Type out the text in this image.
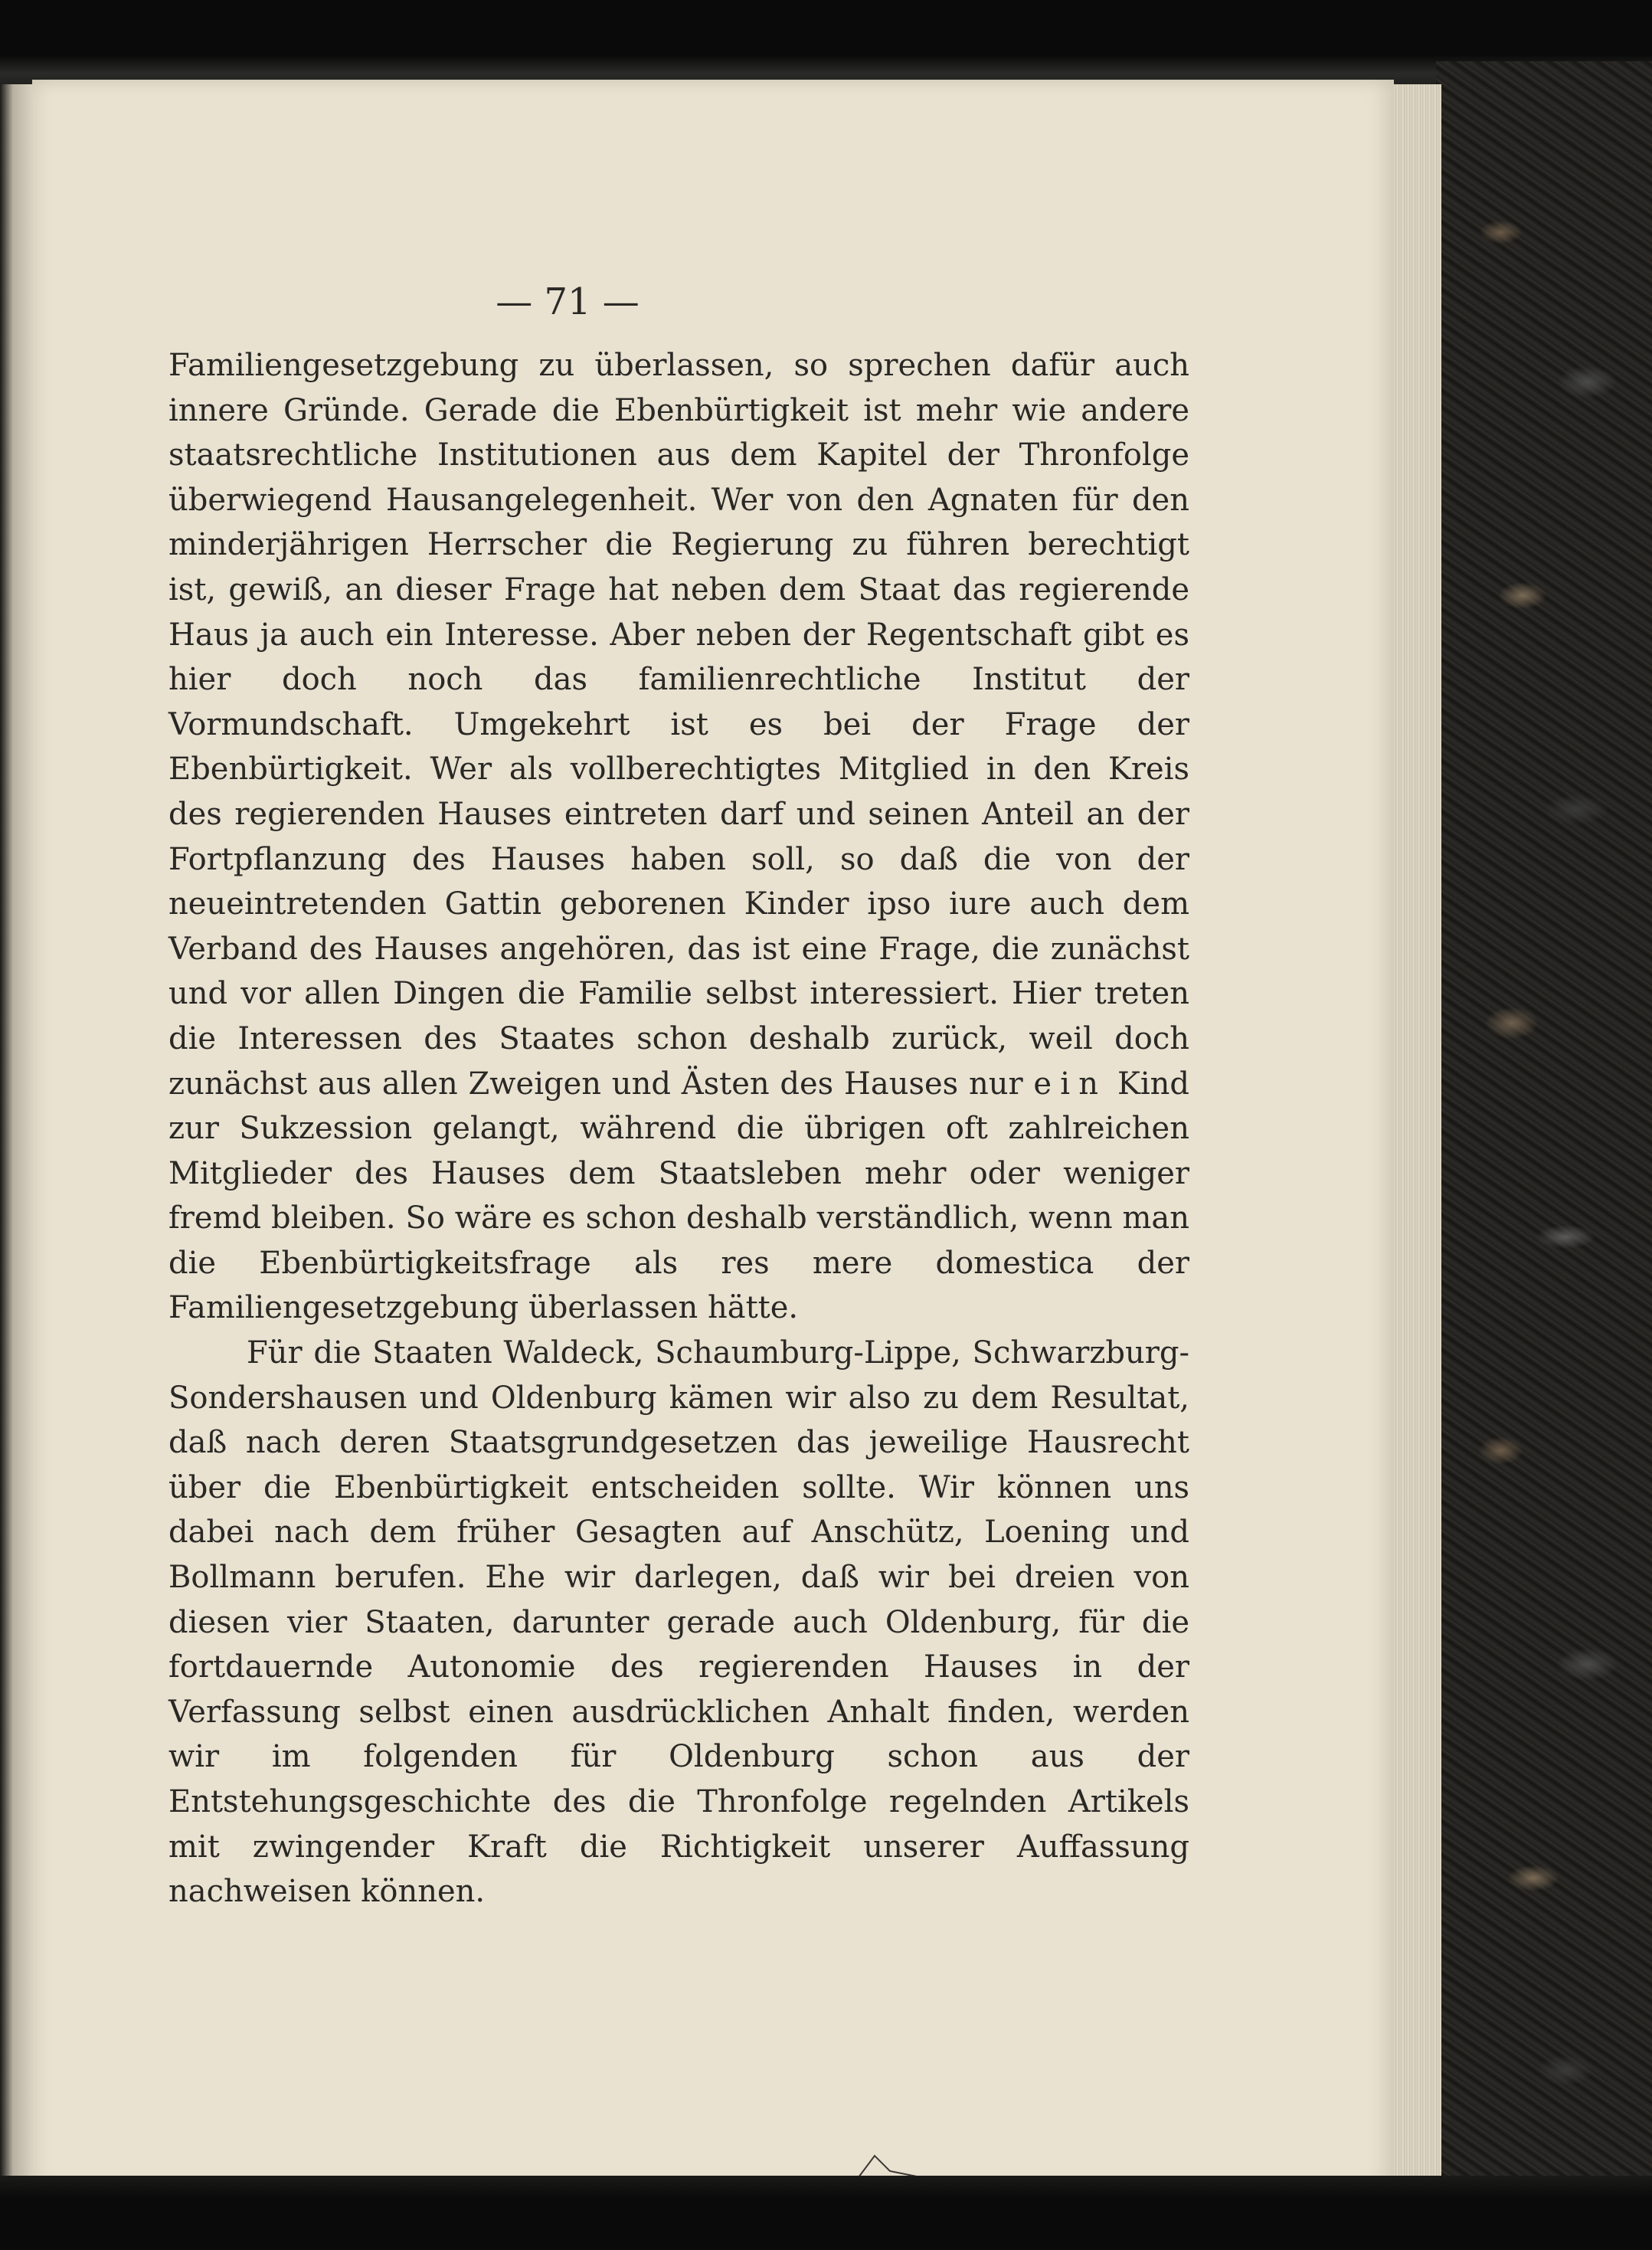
— 71 —

Familiengesetzgebung zu überlassen, so sprechen dafür auch innere Gründe. Gerade die Ebenbürtigkeit ist mehr wie andere staatsrechtliche Institutionen aus dem Kapitel der Thronfolge überwiegend Hausangelegenheit. Wer von den Agnaten für den minderjährigen Herrscher die Regierung zu führen berechtigt ist, gewiß, an dieser Frage hat neben dem Staat das regierende Haus ja auch ein Interesse. Aber neben der Regentschaft gibt es hier doch noch das familienrechtliche Institut der Vormundschaft. Umgekehrt ist es bei der Frage der Ebenbürtigkeit. Wer als vollberechtigtes Mitglied in den Kreis des regierenden Hauses eintreten darf und seinen Anteil an der Fortpflanzung des Hauses haben soll, so daß die von der neueintretenden Gattin geborenen Kinder ipso iure auch dem Verband des Hauses angehören, das ist eine Frage, die zunächst und vor allen Dingen die Familie selbst interessiert. Hier treten die Interessen des Staates schon deshalb zurück, weil doch zunächst aus allen Zweigen und Ästen des Hauses nur ein Kind zur Sukzession gelangt, während die übrigen oft zahlreichen Mitglieder des Hauses dem Staatsleben mehr oder weniger fremd bleiben. So wäre es schon deshalb verständlich, wenn man die Ebenbürtigkeitsfrage als res mere domestica der Familiengesetzgebung überlassen hätte.

Für die Staaten Waldeck, Schaumburg-Lippe, Schwarzburg-Sondershausen und Oldenburg kämen wir also zu dem Resultat, daß nach deren Staatsgrundgesetzen das jeweilige Hausrecht über die Ebenbürtigkeit entscheiden sollte. Wir können uns dabei nach dem früher Gesagten auf Anschütz, Loening und Bollmann berufen. Ehe wir darlegen, daß wir bei dreien von diesen vier Staaten, darunter gerade auch Oldenburg, für die fortdauernde Autonomie des regierenden Hauses in der Verfassung selbst einen ausdrücklichen Anhalt finden, werden wir im folgenden für Oldenburg schon aus der Entstehungsgeschichte des die Thronfolge regelnden Artikels mit zwingender Kraft die Richtigkeit unserer Auffassung nachweisen können.
